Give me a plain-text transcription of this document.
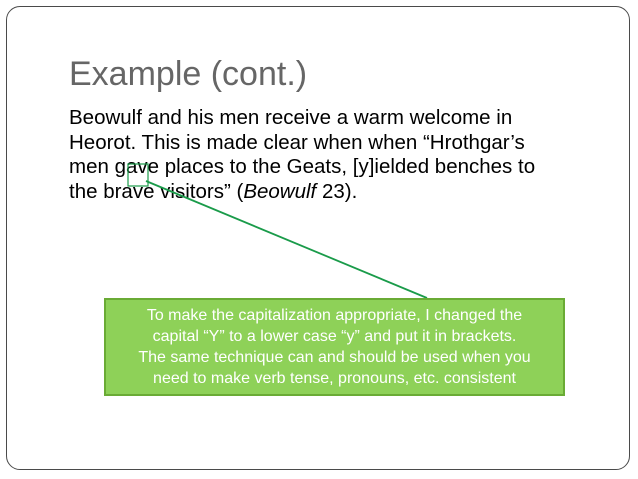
Example (cont.)

Beowulf and his men receive a warm welcome in

Heorot. This is made clear when when “Hrothgar’s

men gave places to the Geats, [y]ielded benches to

the brave visitors” (Beowulf 23).

To make the capitalization appropriate, I changed the

capital “Y” to a lower case “y” and put it in brackets.

The same technique can and should be used when you

need to make verb tense, pronouns, etc. consistent
